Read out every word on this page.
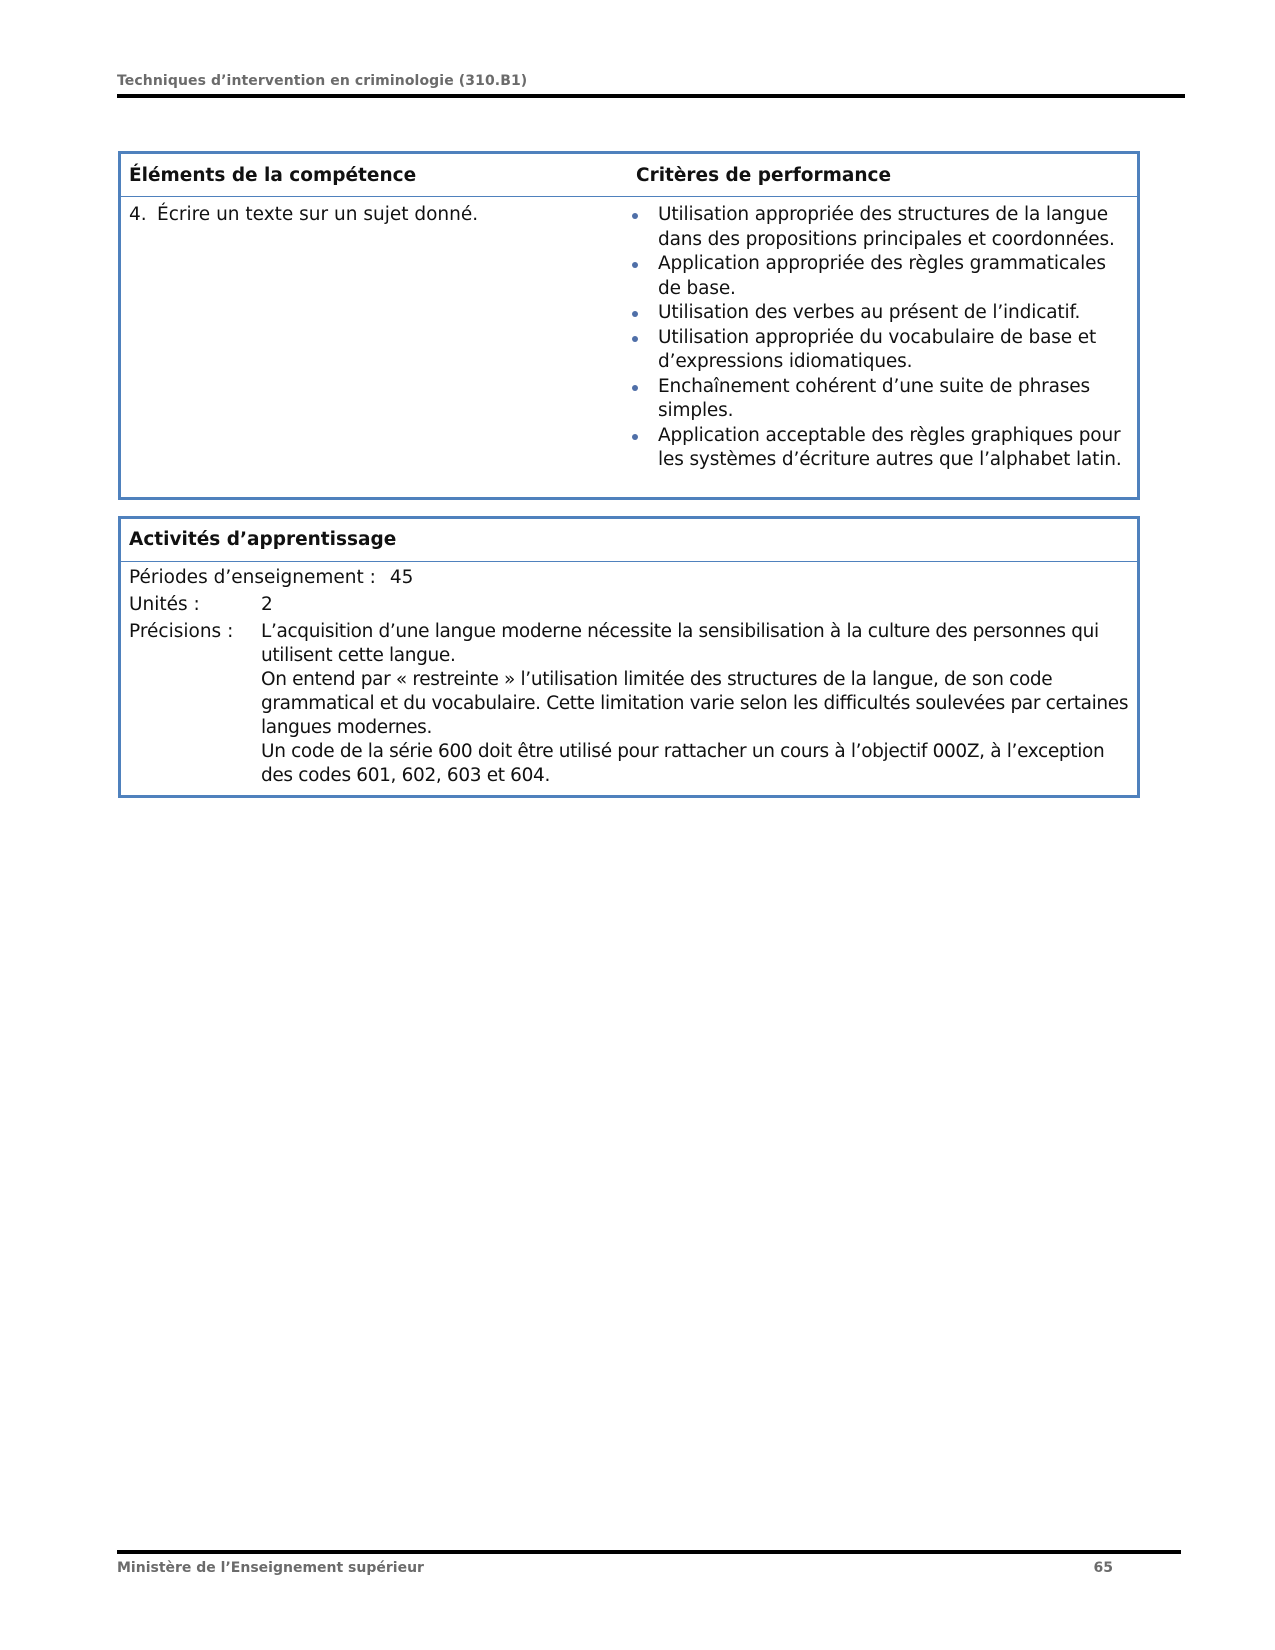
Techniques d’intervention en criminologie (310.B1)
Éléments de la compétence	Critères de performance
4. Écrire un texte sur un sujet donné.	Utilisation appropriée des structures de la langue dans des propositions principales et coordonnées.
Application appropriée des règles grammaticales de base.
Utilisation des verbes au présent de l’indicatif.
Utilisation appropriée du vocabulaire de base et d’expressions idiomatiques.
Enchaînement cohérent d’une suite de phrases simples.
Application acceptable des règles graphiques pour les systèmes d’écriture autres que l’alphabet latin.
Activités d’apprentissage
Périodes d’enseignement : 45
Unités :	2
Précisions :	L’acquisition d’une langue moderne nécessite la sensibilisation à la culture des personnes qui utilisent cette langue.

On entend par « restreinte » l’utilisation limitée des structures de la langue, de son code grammatical et du vocabulaire. Cette limitation varie selon les difficultés soulevées par certaines langues modernes.

Un code de la série 600 doit être utilisé pour rattacher un cours à l’objectif 000Z, à l’exception des codes 601, 602, 603 et 604.

Ministère de l’Enseignement supérieur	65
